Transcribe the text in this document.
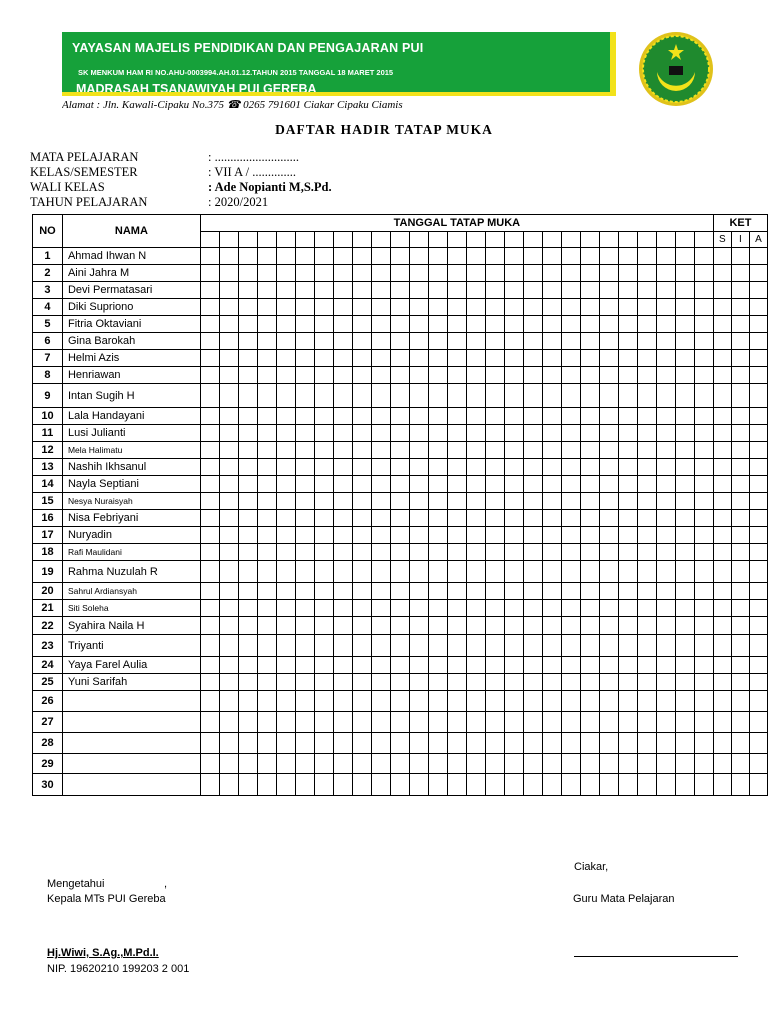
YAYASAN MAJELIS PENDIDIKAN DAN PENGAJARAN PUI
SK MENKUM HAM RI NO.AHU-0003994.AH.01.12.TAHUN 2015 TANGGAL 18 MARET 2015
MADRASAH TSANAWIYAH PUI GEREBA
Alamat : Jln. Kawali-Cipaku No.375 ☎ 0265 791601 Ciakar Cipaku Ciamis
DAFTAR HADIR TATAP MUKA
MATA PELAJARAN	: ...........................
KELAS/SEMESTER	: VII A / ..............
WALI KELAS	: Ade Nopianti M,S.Pd.
TAHUN PELAJARAN	: 2020/2021
NO	NAMA	TANGGAL TATAP MUKA																											KET		
																													S	I	A
1	Ahmad Ihwan N																														
2	Aini Jahra M																														
3	Devi Permatasari																														
4	Diki Supriono																														
5	Fitria Oktaviani																														
6	Gina Barokah																														
7	Helmi Azis																														
8	Henriawan																														
9	Intan Sugih H																														
10	Lala Handayani																														
11	Lusi Julianti																														
12	Mela Halimatu																														
13	Nashih Ikhsanul																														
14	Nayla Septiani																														
15	Nesya Nuraisyah																														
16	Nisa Febriyani																														
17	Nuryadin																														
18	Rafi Maulidani																														
19	Rahma Nuzulah R																														
20	Sahrul Ardiansyah																														
21	Siti Soleha																														
22	Syahira Naila H																														
23	Triyanti																														
24	Yaya Farel Aulia																														
25	Yuni Sarifah																														
26																															
27																															
28																															
29																															
30																															
Ciakar,
Mengetahui	,
Kepala MTs PUI Gereba	Guru Mata Pelajaran
Hj.Wiwi, S.Ag.,M.Pd.I.
NIP. 19620210 199203 2 001
